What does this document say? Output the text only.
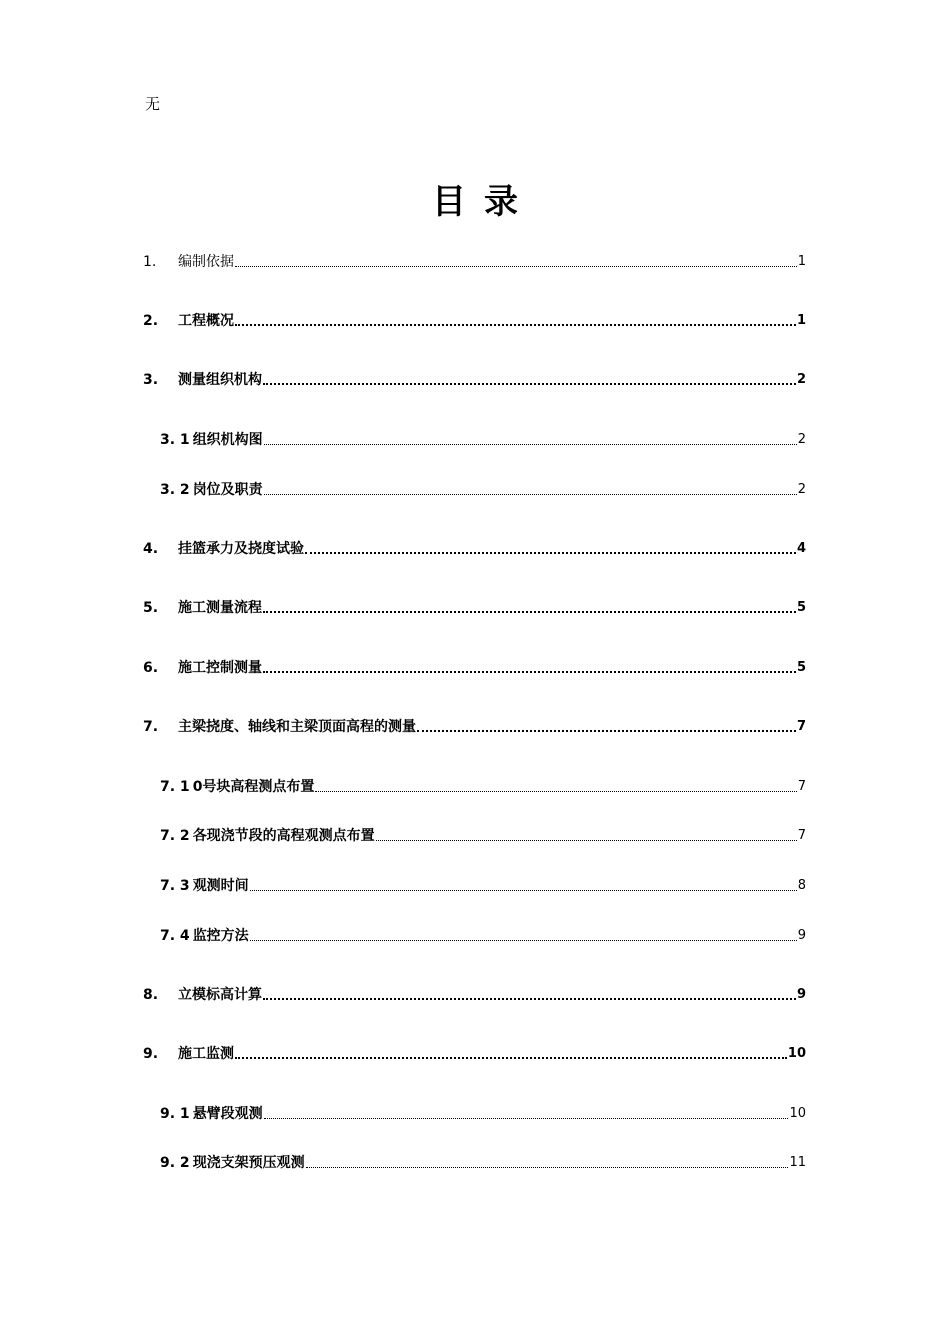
无
目录
1.	编制依据	1
2.	工程概况	1
3.	测量组织机构	2
3. 1 组织机构图	2
3. 2 岗位及职责	2
4.	挂篮承力及挠度试验	4
5.	施工测量流程	5
6.	施工控制测量	5
7.	主梁挠度、轴线和主梁顶面高程的测量	7
7. 1 0号块高程测点布置	7
7. 2 各现浇节段的高程观测点布置	7
7. 3 观测时间	8
7. 4 监控方法	9
8.	立模标高计算	9
9.	施工监测	10
9. 1 悬臂段观测	10
9. 2 现浇支架预压观测	11
